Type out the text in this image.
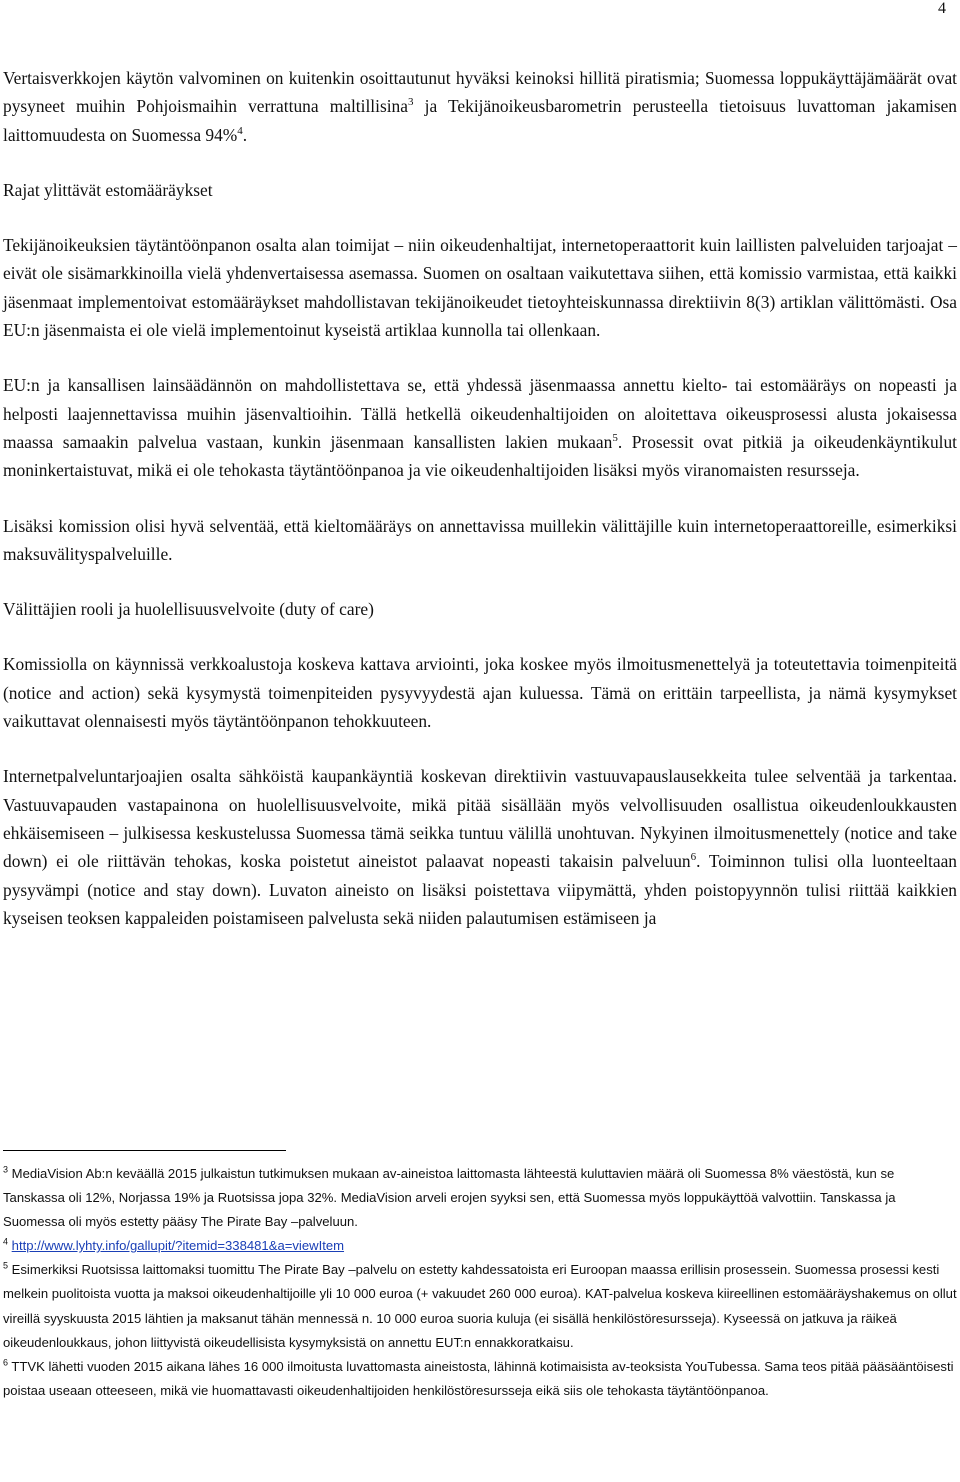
4

Vertaisverkkojen käytön valvominen on kuitenkin osoittautunut hyväksi keinoksi hillitä piratismia; Suomessa loppukäyttäjämäärät ovat pysyneet muihin Pohjoismaihin verrattuna maltillisina$^3$ ja Tekijänoikeusbarometrin perusteella tietoisuus luvattoman jakamisen laittomuudesta on Suomessa 94%$^4$.

Rajat ylittävät estomääräykset

Tekijänoikeuksien täytäntöönpanon osalta alan toimijat – niin oikeudenhaltijat, internetoperaattorit kuin laillisten palveluiden tarjoajat – eivät ole sisämarkkinoilla vielä yhdenvertaisessa asemassa. Suomen on osaltaan vaikutettava siihen, että komissio varmistaa, että kaikki jäsenmaat implementoivat estomääräykset mahdollistavan tekijänoikeudet tietoyhteiskunnassa direktiivin 8(3) artiklan välittömästi. Osa EU:n jäsenmaista ei ole vielä implementoinut kyseistä artiklaa kunnolla tai ollenkaan.

EU:n ja kansallisen lainsäädännön on mahdollistettava se, että yhdessä jäsenmaassa annettu kielto- tai estomääräys on nopeasti ja helposti laajennettavissa muihin jäsenvaltioihin. Tällä hetkellä oikeudenhaltijoiden on aloitettava oikeusprosessi alusta jokaisessa maassa samaakin palvelua vastaan, kunkin jäsenmaan kansallisten lakien mukaan$^5$. Prosessit ovat pitkiä ja oikeudenkäyntikulut moninkertaistuvat, mikä ei ole tehokasta täytäntöönpanoa ja vie oikeudenhaltijoiden lisäksi myös viranomaisten resursseja.

Lisäksi komission olisi hyvä selventää, että kieltomääräys on annettavissa muillekin välittäjille kuin internetoperaattoreille, esimerkiksi maksuvälityspalveluille.

Välittäjien rooli ja huolellisuusvelvoite (duty of care)

Komissiolla on käynnissä verkkoalustoja koskeva kattava arviointi, joka koskee myös ilmoitusmenettelyä ja toteutettavia toimenpiteitä (notice and action) sekä kysymystä toimenpiteiden pysyvyydestä ajan kuluessa. Tämä on erittäin tarpeellista, ja nämä kysymykset vaikuttavat olennaisesti myös täytäntöönpanon tehokkuuteen.

Internetpalveluntarjoajien osalta sähköistä kaupankäyntiä koskevan direktiivin vastuuvapauslausekkeita tulee selventää ja tarkentaa. Vastuuvapauden vastapainona on huolellisuusvelvoite, mikä pitää sisällään myös velvollisuuden osallistua oikeudenloukkausten ehkäisemiseen – julkisessa keskustelussa Suomessa tämä seikka tuntuu välillä unohtuvan. Nykyinen ilmoitusmenettely (notice and take down) ei ole riittävän tehokas, koska poistetut aineistot palaavat nopeasti takaisin palveluun$^6$. Toiminnon tulisi olla luonteeltaan pysyvämpi (notice and stay down). Luvaton aineisto on lisäksi poistettava viipymättä, yhden poistopyynnön tulisi riittää kaikkien kyseisen teoksen kappaleiden poistamiseen palvelusta sekä niiden palautumisen estämiseen ja

$^3$ MediaVision Ab:n keväällä 2015 julkaistun tutkimuksen mukaan av-aineistoa laittomasta lähteestä kuluttavien määrä oli Suomessa 8% väestöstä, kun se Tanskassa oli 12%, Norjassa 19% ja Ruotsissa jopa 32%. MediaVision arveli erojen syyksi sen, että Suomessa myös loppukäyttöä valvottiin. Tanskassa ja Suomessa oli myös estetty pääsy The Pirate Bay –palveluun.

$^4$ http://www.lyhty.info/gallupit/?itemid=338481&a=viewItem

$^5$ Esimerkiksi Ruotsissa laittomaksi tuomittu The Pirate Bay –palvelu on estetty kahdessatoista eri Euroopan maassa erillisin prosessein. Suomessa prosessi kesti melkein puolitoista vuotta ja maksoi oikeudenhaltijoille yli 10 000 euroa (+ vakuudet 260 000 euroa). KAT-palvelua koskeva kiireellinen estomääräyshakemus on ollut vireillä syyskuusta 2015 lähtien ja maksanut tähän mennessä n. 10 000 euroa suoria kuluja (ei sisällä henkilöstöresursseja). Kyseessä on jatkuva ja räikeä oikeudenloukkaus, johon liittyvistä oikeudellisista kysymyksistä on annettu EUT:n ennakkoratkaisu.

$^6$ TTVK lähetti vuoden 2015 aikana lähes 16 000 ilmoitusta luvattomasta aineistosta, lähinnä kotimaisista av-teoksista YouTubessa. Sama teos pitää pääsääntöisesti poistaa useaan otteeseen, mikä vie huomattavasti oikeudenhaltijoiden henkilöstöresursseja eikä siis ole tehokasta täytäntöönpanoa.
